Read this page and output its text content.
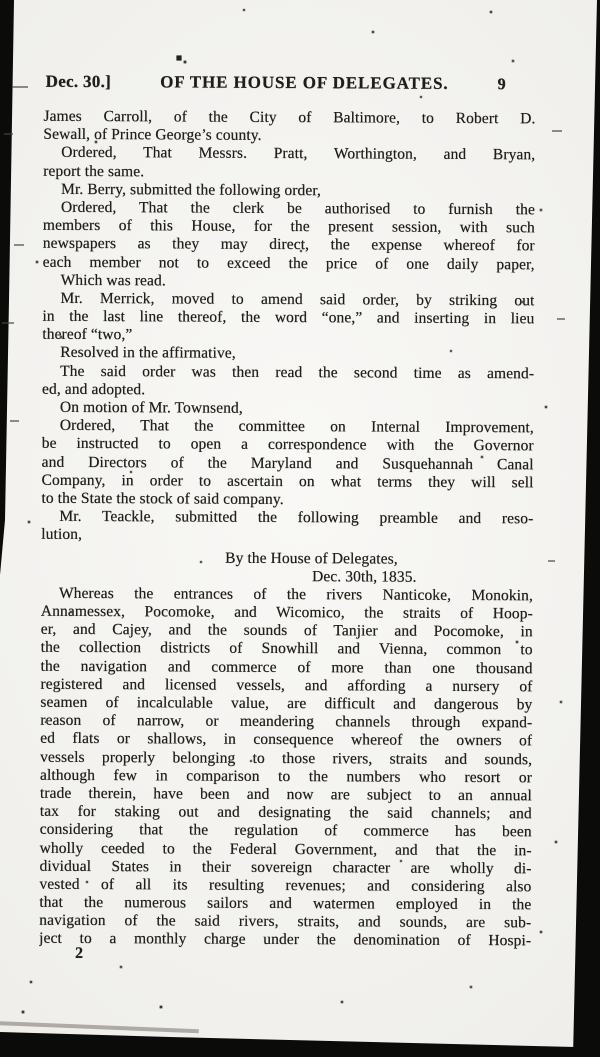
Dec. 30.]	OF THE HOUSE OF DELEGATES.	9
James Carroll, of the City of Baltimore, to Robert D.
Sewall, of Prince George’s county.
Ordered, That Messrs. Pratt, Worthington, and Bryan,
report the same.
Mr. Berry, submitted the following order,
Ordered, That the clerk be authorised to furnish the
members of this House, for the present session, with such
newspapers as they may direct, the expense whereof for
each member not to exceed the price of one daily paper,
Which was read.
Mr. Merrick, moved to amend said order, by striking out
in the last line thereof, the word “one,” and inserting in lieu
thereof “two,”
Resolved in the affirmative,
The said order was then read the second time as amend-
ed, and adopted.
On motion of Mr. Townsend,
Ordered, That the committee on Internal Improvement,
be instructed to open a correspondence with the Governor
and Directors of the Maryland and Susquehannah Canal
Company, in order to ascertain on what terms they will sell
to the State the stock of said company.
Mr. Teackle, submitted the following preamble and reso-
lution,
By the House of Delegates,
Dec. 30th, 1835.
Whereas the entrances of the rivers Nanticoke, Monokin,
Annamessex, Pocomoke, and Wicomico, the straits of Hoop-
er, and Cajey, and the sounds of Tanjier and Pocomoke, in
the collection districts of Snowhill and Vienna, common to
the navigation and commerce of more than one thousand
registered and licensed vessels, and affording a nursery of
seamen of incalculable value, are difficult and dangerous by
reason of narrow, or meandering channels through expand-
ed flats or shallows, in consequence whereof the owners of
vessels properly belonging to those rivers, straits and sounds,
although few in comparison to the numbers who resort or
trade therein, have been and now are subject to an annual
tax for staking out and designating the said channels; and
considering that the regulation of commerce has been
wholly ceeded to the Federal Government, and that the in-
dividual States in their sovereign character are wholly di-
vested of all its resulting revenues; and considering also
that the numerous sailors and watermen employed in the
navigation of the said rivers, straits, and sounds, are sub-
ject to a monthly charge under the denomination of Hospi-
2
